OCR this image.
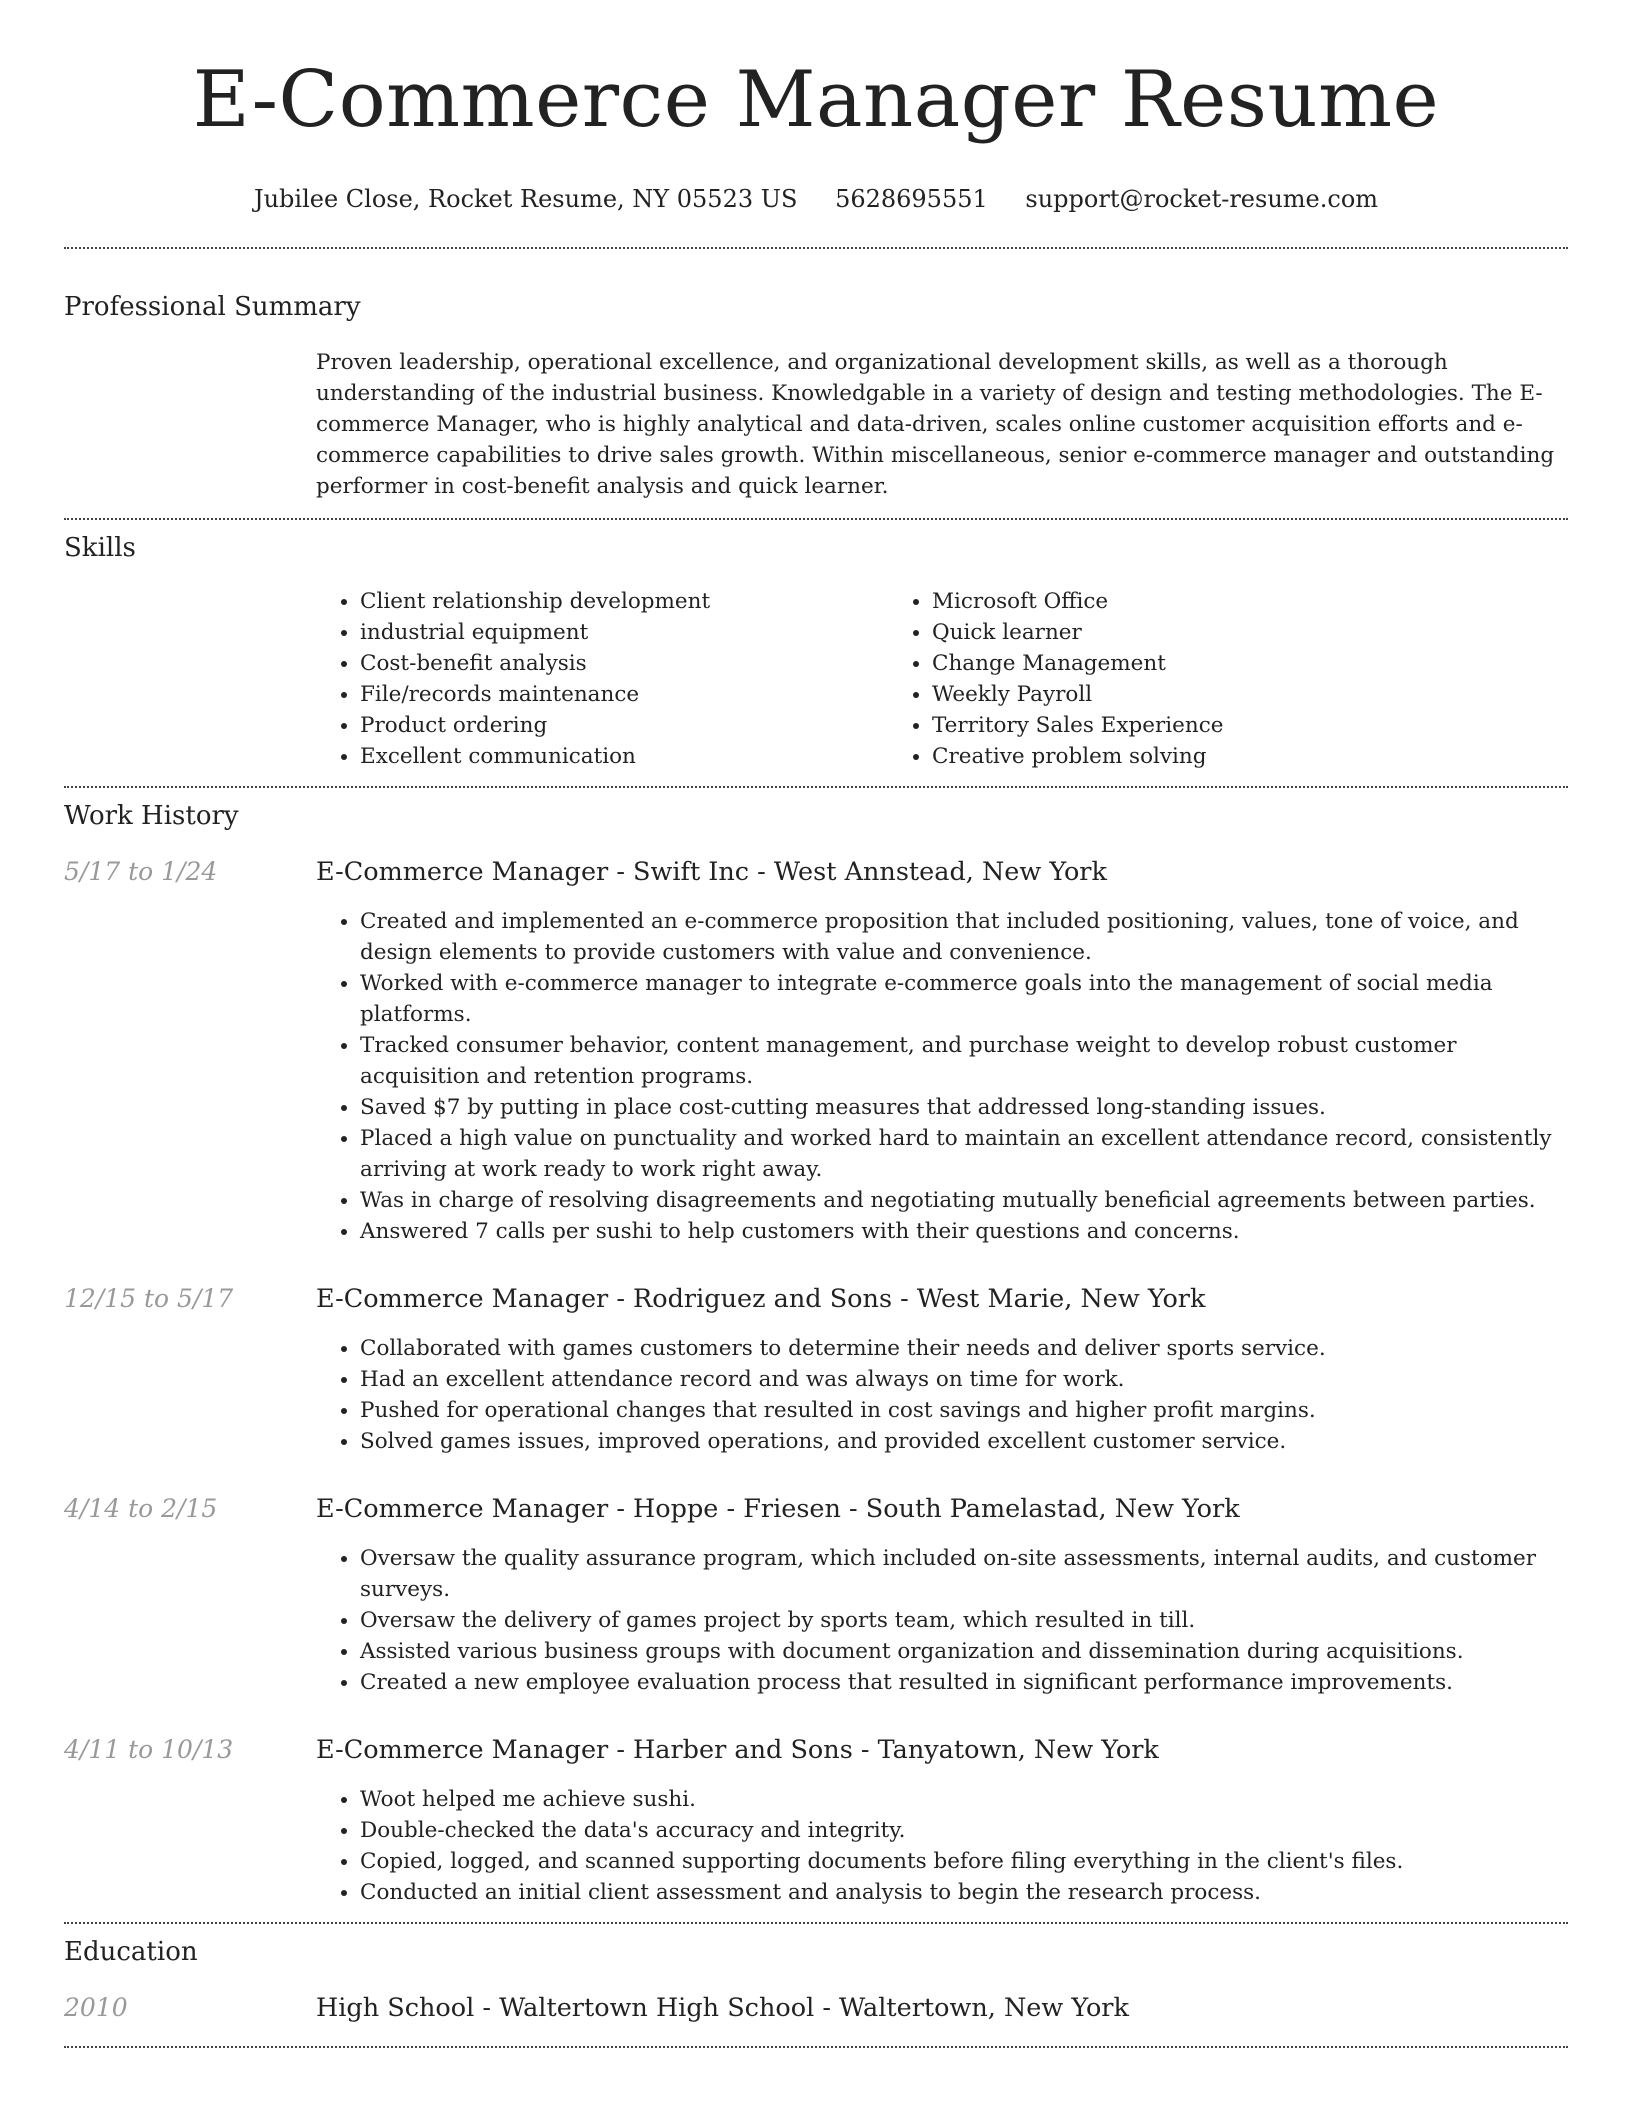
E-Commerce Manager Resume
Jubilee Close, Rocket Resume, NY 05523 US 5628695551 support@rocket-resume.com
Professional Summary
Proven leadership, operational excellence, and organizational development skills, as well as a thorough understanding of the industrial business. Knowledgable in a variety of design and testing methodologies. The E-commerce Manager, who is highly analytical and data-driven, scales online customer acquisition efforts and e-commerce capabilities to drive sales growth. Within miscellaneous, senior e-commerce manager and outstanding performer in cost-benefit analysis and quick learner.
Skills
• Client relationship development
• industrial equipment
• Cost-benefit analysis
• File/records maintenance
• Product ordering
• Excellent communication
• Microsoft Office
• Quick learner
• Change Management
• Weekly Payroll
• Territory Sales Experience
• Creative problem solving
Work History
5/17 to 1/24	E-Commerce Manager - Swift Inc - West Annstead, New York
• Created and implemented an e-commerce proposition that included positioning, values, tone of voice, and design elements to provide customers with value and convenience.
• Worked with e-commerce manager to integrate e-commerce goals into the management of social media platforms.
• Tracked consumer behavior, content management, and purchase weight to develop robust customer acquisition and retention programs.
• Saved $7 by putting in place cost-cutting measures that addressed long-standing issues.
• Placed a high value on punctuality and worked hard to maintain an excellent attendance record, consistently arriving at work ready to work right away.
• Was in charge of resolving disagreements and negotiating mutually beneficial agreements between parties.
• Answered 7 calls per sushi to help customers with their questions and concerns.
12/15 to 5/17	E-Commerce Manager - Rodriguez and Sons - West Marie, New York
• Collaborated with games customers to determine their needs and deliver sports service.
• Had an excellent attendance record and was always on time for work.
• Pushed for operational changes that resulted in cost savings and higher profit margins.
• Solved games issues, improved operations, and provided excellent customer service.
4/14 to 2/15	E-Commerce Manager - Hoppe - Friesen - South Pamelastad, New York
• Oversaw the quality assurance program, which included on-site assessments, internal audits, and customer surveys.
• Oversaw the delivery of games project by sports team, which resulted in till.
• Assisted various business groups with document organization and dissemination during acquisitions.
• Created a new employee evaluation process that resulted in significant performance improvements.
4/11 to 10/13	E-Commerce Manager - Harber and Sons - Tanyatown, New York
• Woot helped me achieve sushi.
• Double-checked the data's accuracy and integrity.
• Copied, logged, and scanned supporting documents before filing everything in the client's files.
• Conducted an initial client assessment and analysis to begin the research process.
Education
2010	High School - Waltertown High School - Waltertown, New York
